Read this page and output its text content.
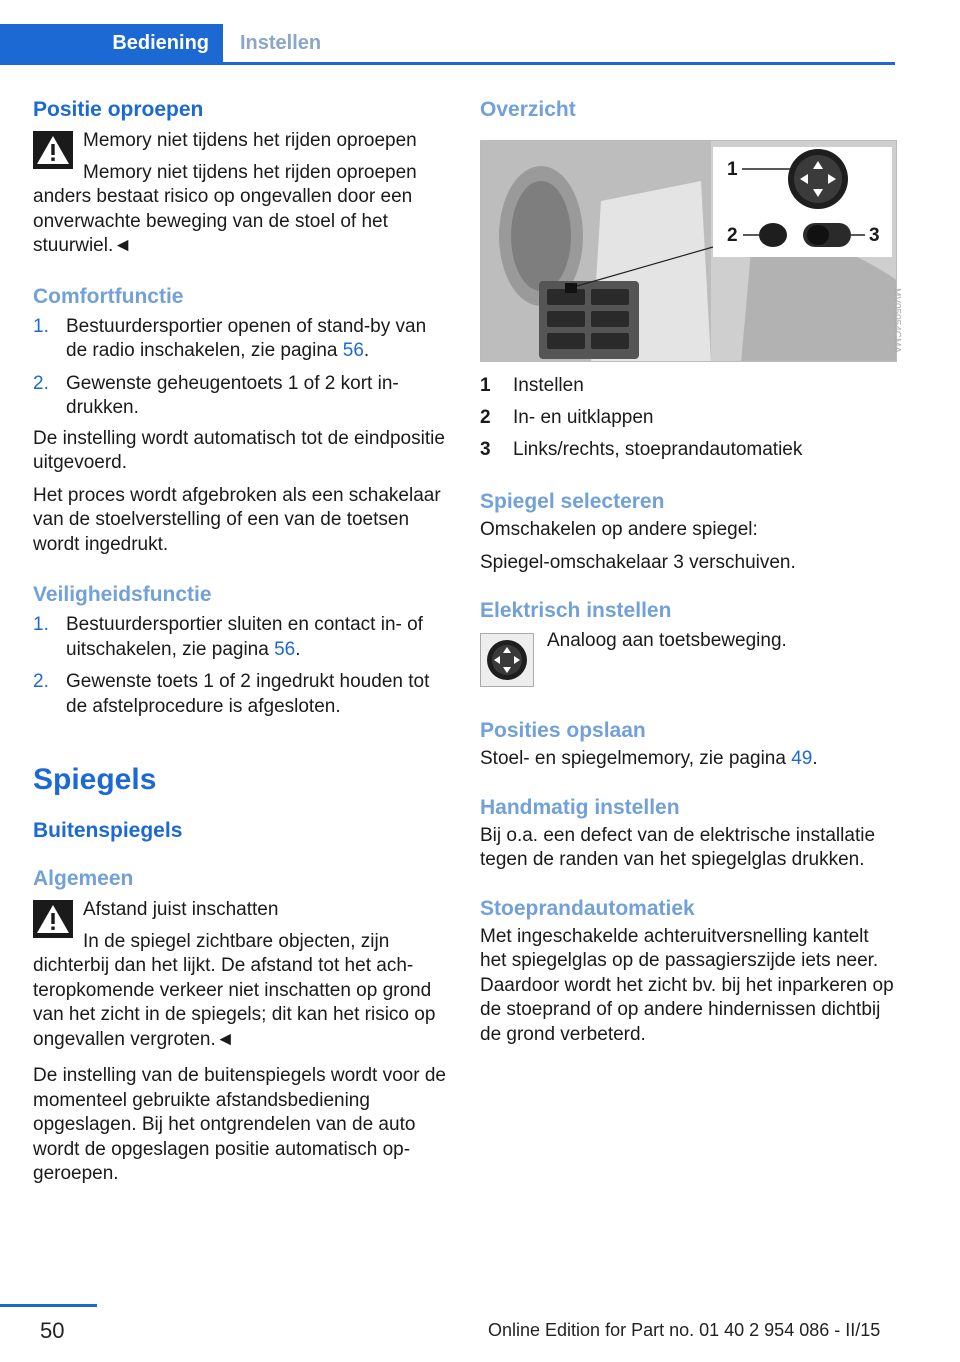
Bediening	Instellen
Positie oproepen

Memory niet tijdens het rijden oproepen

Memory niet tijdens het rijden oproepen anders bestaat risico op ongevallen door een onverwachte beweging van de stoel of het stuurwiel.◄

Comfortfunctie
1. Bestuurdersportier openen of stand-by van de radio inschakelen, zie pagina 56.
2. Gewenste geheugentoets 1 of 2 kort indrukken.

De instelling wordt automatisch tot de eindpositie uitgevoerd.

Het proces wordt afgebroken als een schakelaar van de stoelverstelling of een van de toetsen wordt ingedrukt.

Veiligheidsfunctie
1. Bestuurdersportier sluiten en contact in- of uitschakelen, zie pagina 56.
2. Gewenste toets 1 of 2 ingedrukt houden tot de afstelprocedure is afgesloten.
Spiegels
Buitenspiegels
Algemeen

Afstand juist inschatten

In de spiegel zichtbare objecten, zijn dichterbij dan het lijkt. De afstand tot het achteropkomende verkeer niet inschatten op grond van het zicht in de spiegels; dit kan het risico op ongevallen vergroten.◄

De instelling van de buitenspiegels wordt voor de momenteel gebruikte afstandsbediening opgeslagen. Bij het ontgrendelen van de auto wordt de opgeslagen positie automatisch opgeroepen.

Overzicht
1
2	3
MV05054CMA
1 Instellen
2 In- en uitklappen
3 Links/rechts, stoeprandautomatiek
Spiegel selecteren

Omschakelen op andere spiegel:

Spiegel-omschakelaar 3 verschuiven.

Elektrisch instellen

Analoog aan toetsbeweging.

Posities opslaan

Stoel- en spiegelmemory, zie pagina 49.

Handmatig instellen

Bij o.a. een defect van de elektrische installatie tegen de randen van het spiegelglas drukken.

Stoeprandautomatiek

Met ingeschakelde achteruitversnelling kantelt het spiegelglas op de passagierszijde iets neer. Daardoor wordt het zicht bv. bij het inparkeren op de stoeprand of op andere hindernissen dichtbij de grond verbeterd.

50	Online Edition for Part no. 01 40 2 954 086 - II/15
